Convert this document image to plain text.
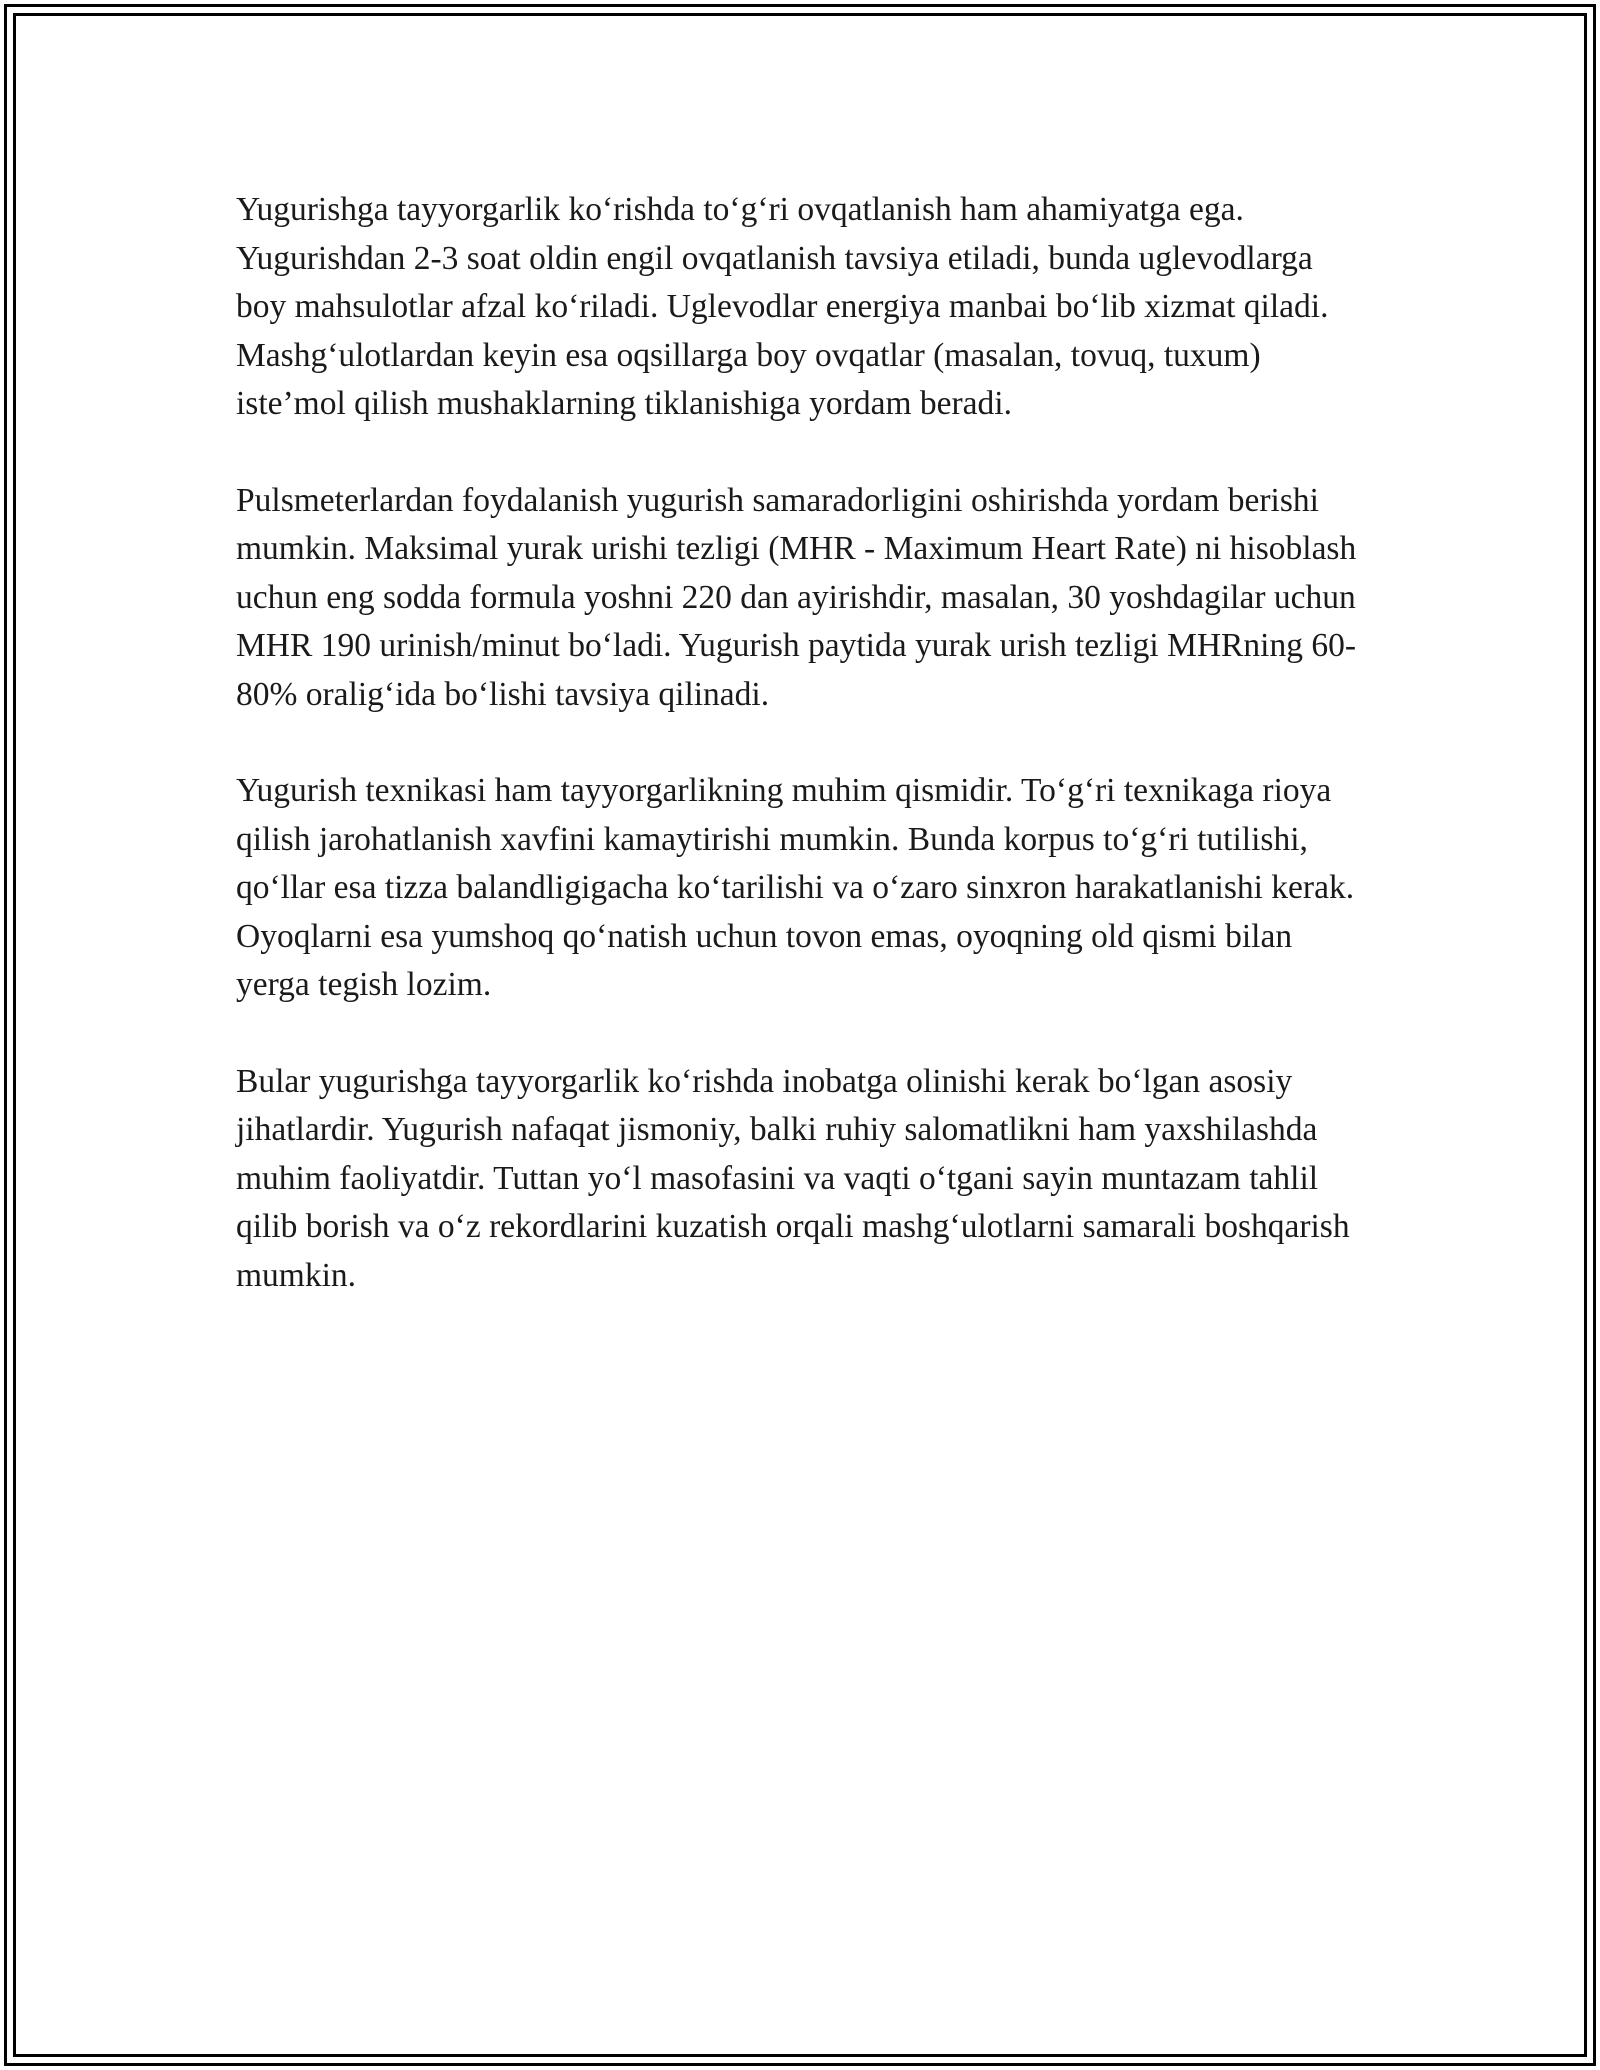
Yugurishga tayyorgarlik ko‘rishda to‘g‘ri ovqatlanish ham ahamiyatga ega. Yugurishdan 2-3 soat oldin engil ovqatlanish tavsiya etiladi, bunda uglevodlarga boy mahsulotlar afzal ko‘riladi. Uglevodlar energiya manbai bo‘lib xizmat qiladi. Mashg‘ulotlardan keyin esa oqsillarga boy ovqatlar (masalan, tovuq, tuxum) iste’mol qilish mushaklarning tiklanishiga yordam beradi.

Pulsmeterlardan foydalanish yugurish samaradorligini oshirishda yordam berishi mumkin. Maksimal yurak urishi tezligi (MHR - Maximum Heart Rate) ni hisoblash uchun eng sodda formula yoshni 220 dan ayirishdir, masalan, 30 yoshdagilar uchun MHR 190 urinish/minut bo‘ladi. Yugurish paytida yurak urish tezligi MHRning 60-80% oralig‘ida bo‘lishi tavsiya qilinadi.

Yugurish texnikasi ham tayyorgarlikning muhim qismidir. To‘g‘ri texnikaga rioya qilish jarohatlanish xavfini kamaytirishi mumkin. Bunda korpus to‘g‘ri tutilishi, qo‘llar esa tizza balandligigacha ko‘tarilishi va o‘zaro sinxron harakatlanishi kerak. Oyoqlarni esa yumshoq qo‘natish uchun tovon emas, oyoqning old qismi bilan yerga tegish lozim.

Bular yugurishga tayyorgarlik ko‘rishda inobatga olinishi kerak bo‘lgan asosiy jihatlardir. Yugurish nafaqat jismoniy, balki ruhiy salomatlikni ham yaxshilashda muhim faoliyatdir. Tuttan yo‘l masofasini va vaqti o‘tgani sayin muntazam tahlil qilib borish va o‘z rekordlarini kuzatish orqali mashg‘ulotlarni samarali boshqarish mumkin.
